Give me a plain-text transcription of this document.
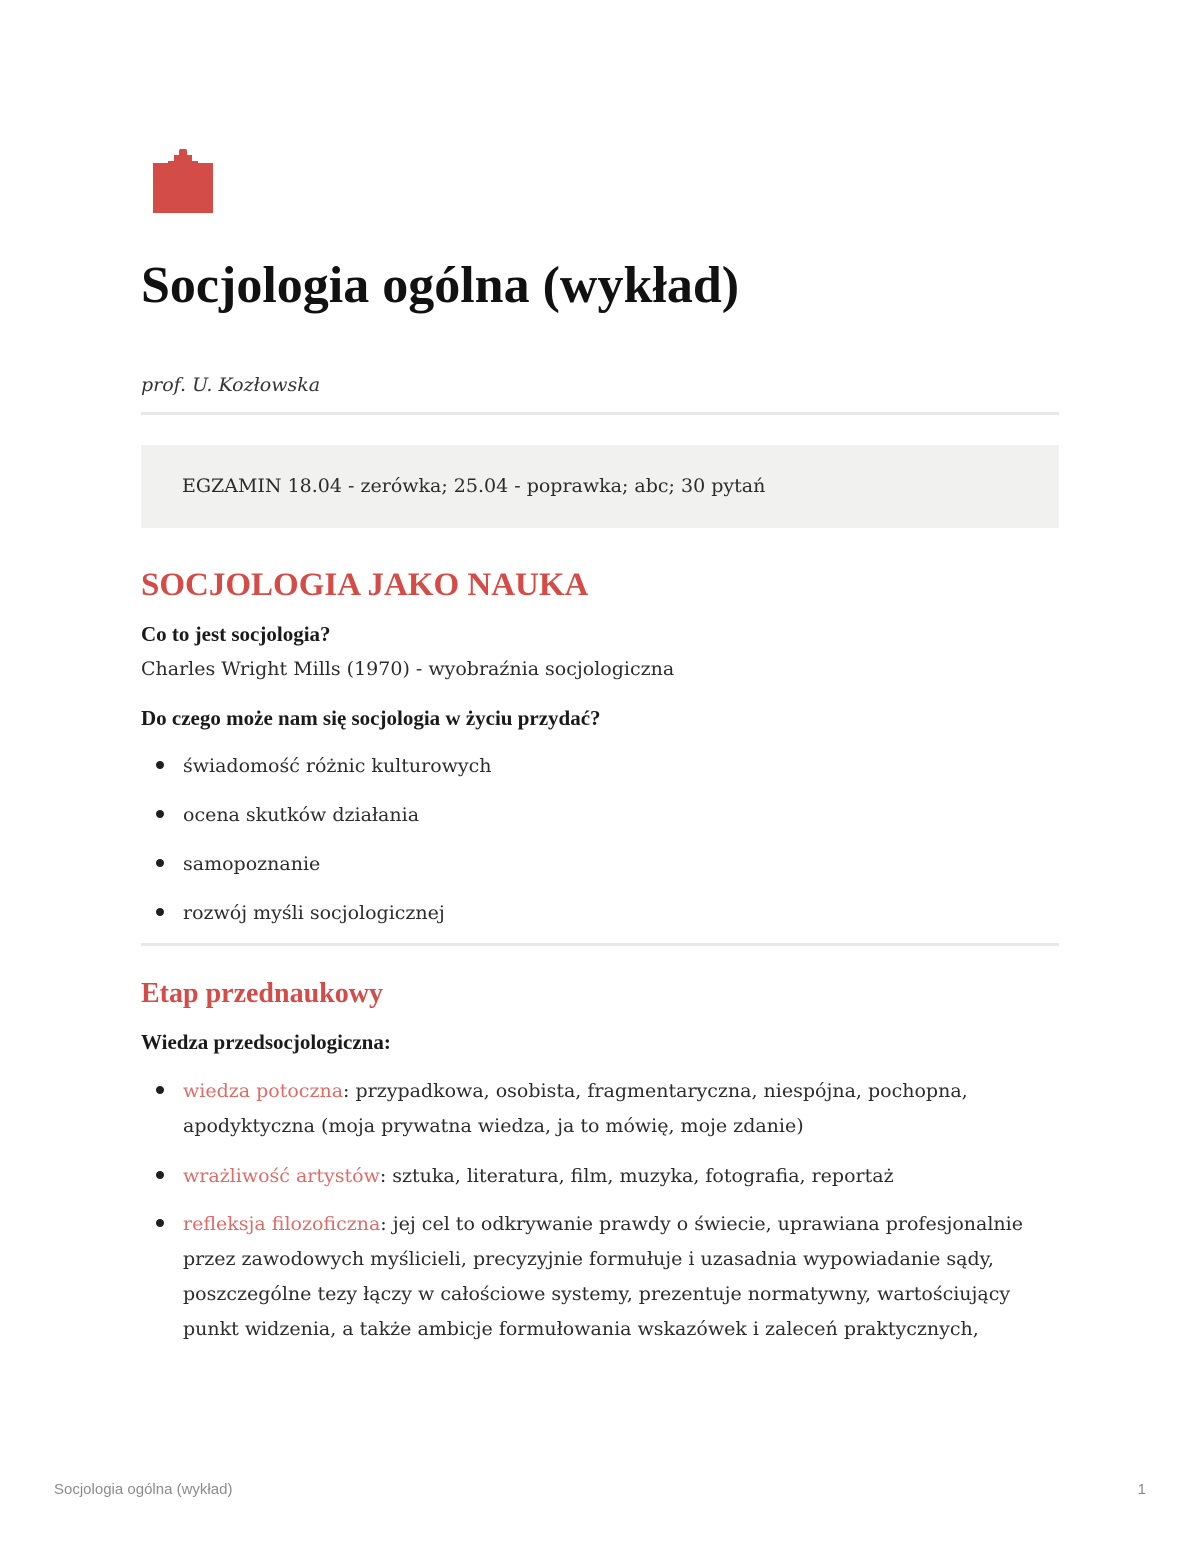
Socjologia ogólna (wykład)

prof. U. Kozłowska

EGZAMIN 18.04 - zerówka; 25.04 - poprawka; abc; 30 pytań
SOCJOLOGIA JAKO NAUKA

Co to jest socjologia?

Charles Wright Mills (1970) - wyobraźnia socjologiczna

Do czego może nam się socjologia w życiu przydać?

świadomość różnic kulturowych
ocena skutków działania
samopoznanie
rozwój myśli socjologicznej
Etap przednaukowy

Wiedza przedsocjologiczna:

wiedza potoczna: przypadkowa, osobista, fragmentaryczna, niespójna, pochopna, apodyktyczna (moja prywatna wiedza, ja to mówię, moje zdanie)
wrażliwość artystów: sztuka, literatura, film, muzyka, fotografia, reportaż
refleksja filozoficzna: jej cel to odkrywanie prawdy o świecie, uprawiana profesjonalnie przez zawodowych myślicieli, precyzyjnie formułuje i uzasadnia wypowiadanie sądy, poszczególne tezy łączy w całościowe systemy, prezentuje normatywny, wartościujący punkt widzenia, a także ambicje formułowania wskazówek i zaleceń praktycznych,
Socjologia ogólna (wykład)	1
